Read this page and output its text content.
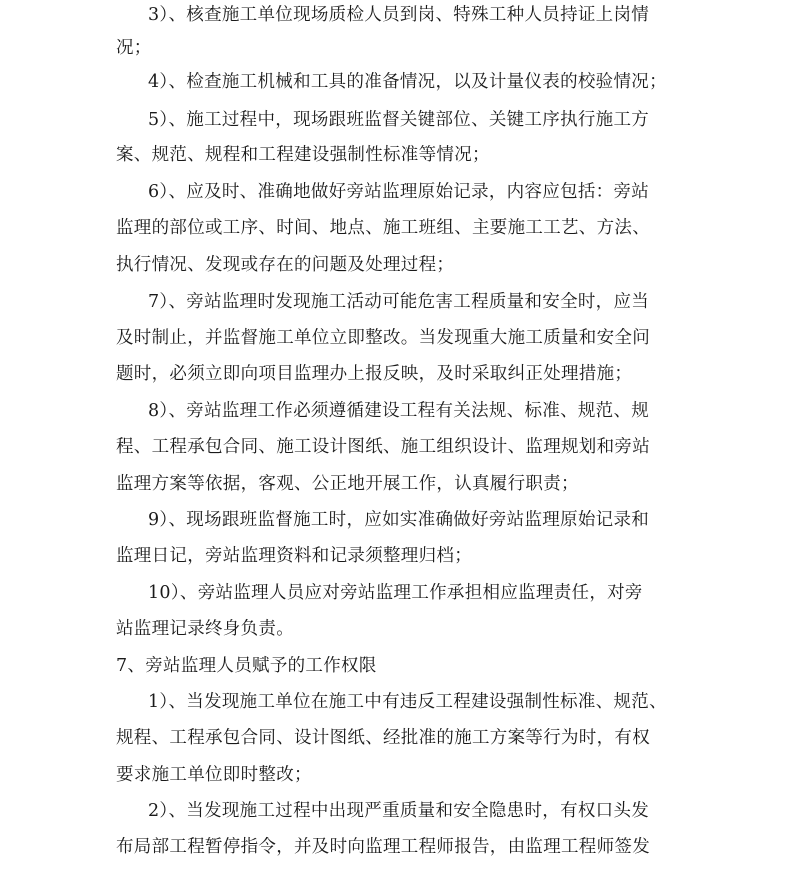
3）、核查施工单位现场质检人员到岗、特殊工种人员持证上岗情
况；
4）、检查施工机械和工具的准备情况，以及计量仪表的校验情况；
5）、施工过程中，现场跟班监督关键部位、关键工序执行施工方
案、规范、规程和工程建设强制性标准等情况；
6）、应及时、准确地做好旁站监理原始记录，内容应包括：旁站
监理的部位或工序、时间、地点、施工班组、主要施工工艺、方法、
执行情况、发现或存在的问题及处理过程；
7）、旁站监理时发现施工活动可能危害工程质量和安全时，应当
及时制止，并监督施工单位立即整改。当发现重大施工质量和安全问
题时，必须立即向项目监理办上报反映，及时采取纠正处理措施；
8）、旁站监理工作必须遵循建设工程有关法规、标准、规范、规
程、工程承包合同、施工设计图纸、施工组织设计、监理规划和旁站
监理方案等依据，客观、公正地开展工作，认真履行职责；
9）、现场跟班监督施工时，应如实准确做好旁站监理原始记录和
监理日记，旁站监理资料和记录须整理归档；
10）、旁站监理人员应对旁站监理工作承担相应监理责任，对旁
站监理记录终身负责。
7、旁站监理人员赋予的工作权限
1）、当发现施工单位在施工中有违反工程建设强制性标准、规范、
规程、工程承包合同、设计图纸、经批准的施工方案等行为时，有权
要求施工单位即时整改；
2）、当发现施工过程中出现严重质量和安全隐患时，有权口头发
布局部工程暂停指令，并及时向监理工程师报告，由监理工程师签发
